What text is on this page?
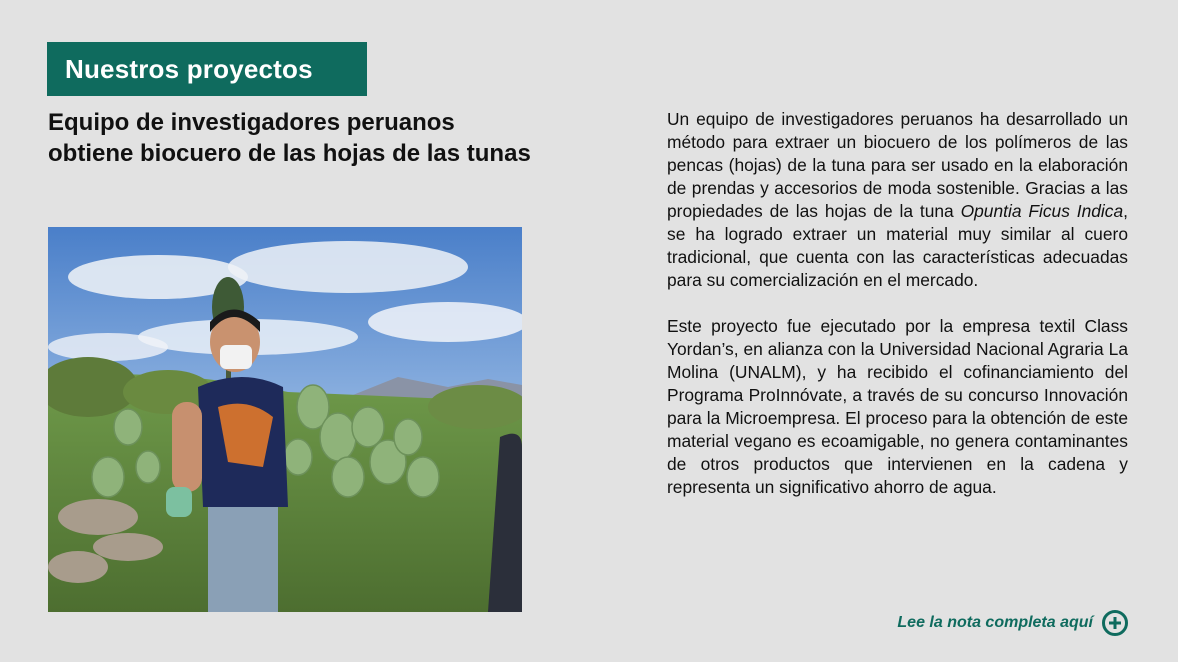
Nuestros proyectos
Equipo de investigadores peruanos obtiene biocuero de las hojas de las tunas

Un equipo de investigadores peruanos ha desarrollado un método para extraer un biocuero de los polímeros de las pencas (hojas) de la tuna para ser usado en la elaboración de prendas y accesorios de moda sostenible. Gracias a las propiedades de las hojas de la tuna Opuntia Ficus Indica, se ha logrado extraer un material muy similar al cuero tradicional, que cuenta con las características adecuadas para su comercialización en el mercado.

Este proyecto fue ejecutado por la empresa textil Class Yordan’s, en alianza con la Universidad Nacional Agraria La Molina (UNALM), y ha recibido el cofinanciamiento del Programa ProInnóvate, a través de su concurso Innovación para la Microempresa. El proceso para la obtención de este material vegano es ecoamigable, no genera contaminantes de otros productos que intervienen en la cadena y representa un significativo ahorro de agua.

Lee la nota completa aquí
